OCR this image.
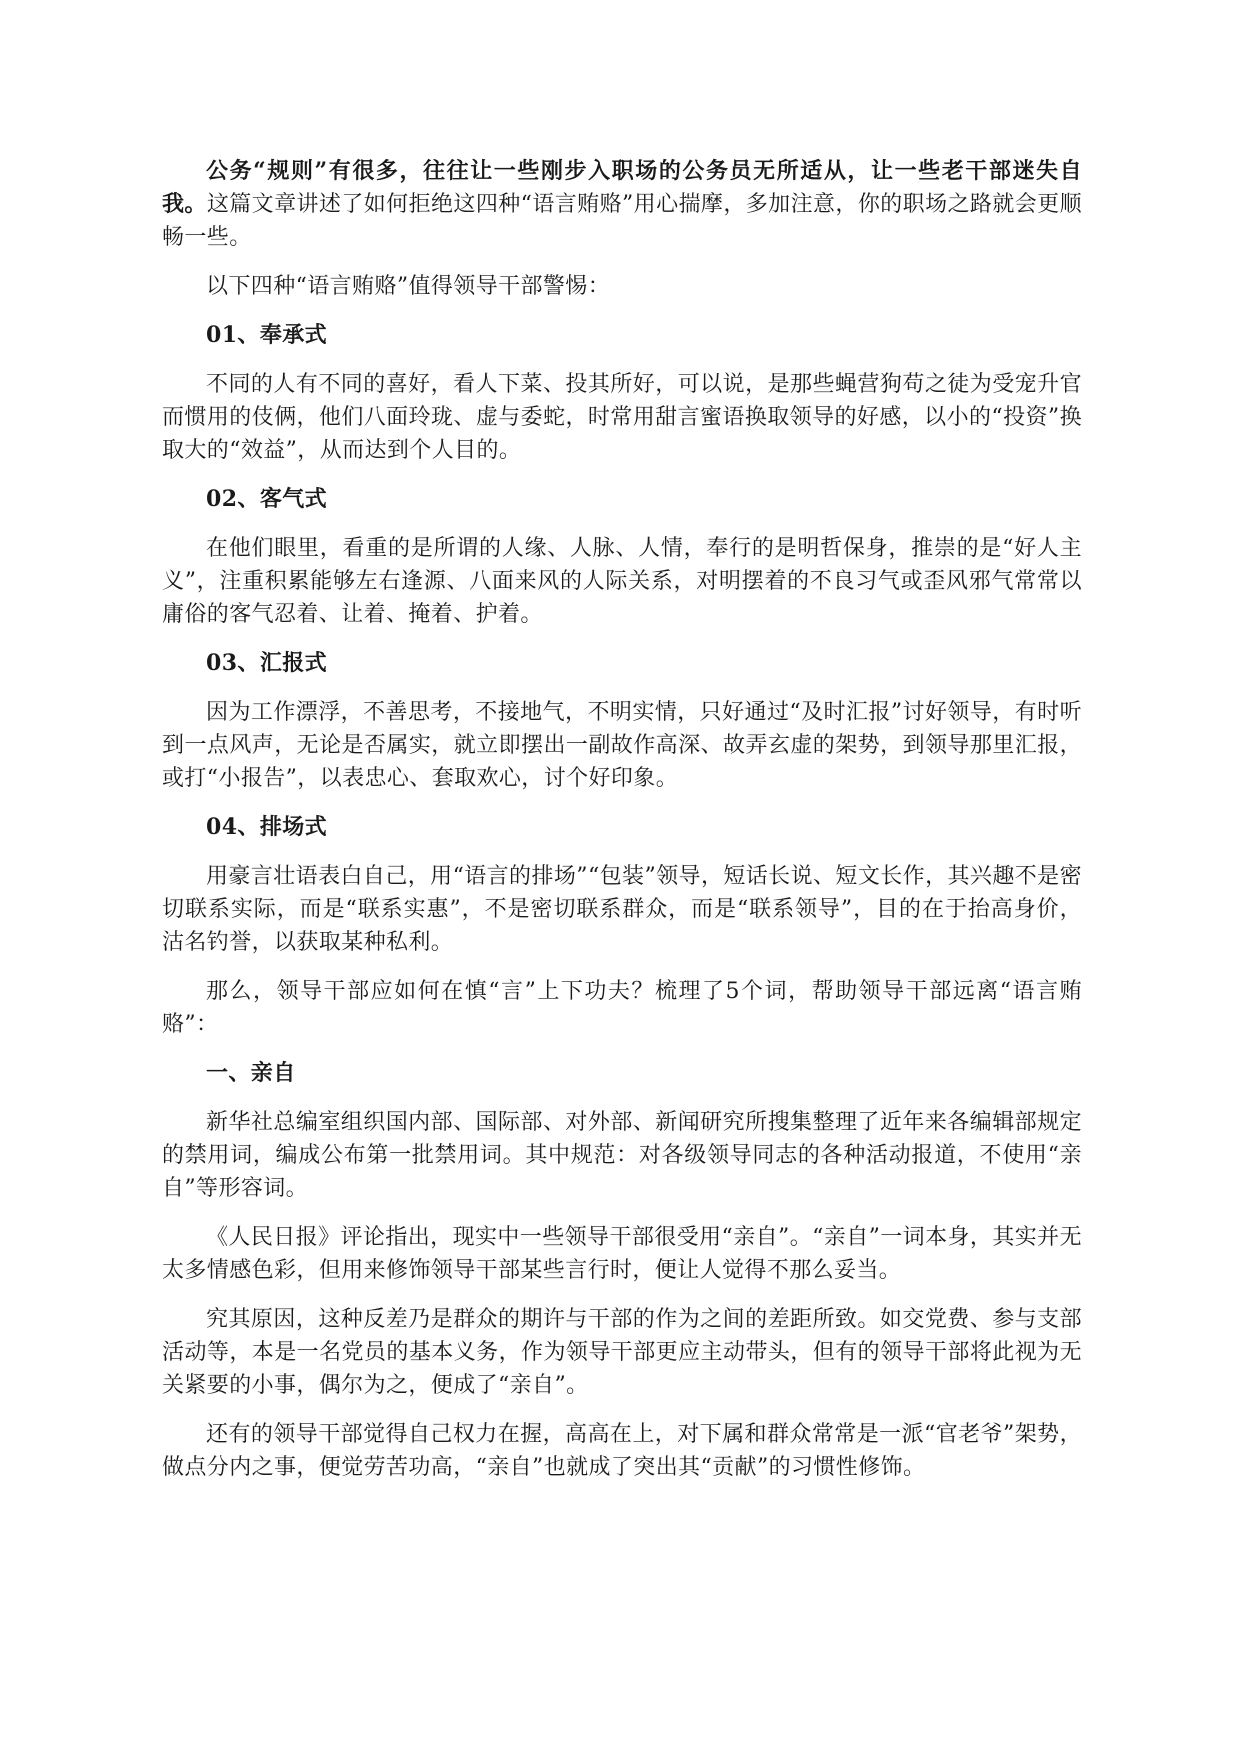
公务“规则”有很多，往往让一些刚步入职场的公务员无所适从，让一些老干部迷失自我。这篇文章讲述了如何拒绝这四种“语言贿赂”用心揣摩，多加注意，你的职场之路就会更顺畅一些。

以下四种“语言贿赂”值得领导干部警惕：

01、奉承式

不同的人有不同的喜好，看人下菜、投其所好，可以说，是那些蝇营狗苟之徒为受宠升官而惯用的伎俩，他们八面玲珑、虚与委蛇，时常用甜言蜜语换取领导的好感，以小的“投资”换取大的“效益”，从而达到个人目的。

02、客气式

在他们眼里，看重的是所谓的人缘、人脉、人情，奉行的是明哲保身，推崇的是“好人主义”，注重积累能够左右逢源、八面来风的人际关系，对明摆着的不良习气或歪风邪气常常以庸俗的客气忍着、让着、掩着、护着。

03、汇报式

因为工作漂浮，不善思考，不接地气，不明实情，只好通过“及时汇报”讨好领导，有时听到一点风声，无论是否属实，就立即摆出一副故作高深、故弄玄虚的架势，到领导那里汇报，或打“小报告”，以表忠心、套取欢心，讨个好印象。

04、排场式

用豪言壮语表白自己，用“语言的排场”“包装”领导，短话长说、短文长作，其兴趣不是密切联系实际，而是“联系实惠”，不是密切联系群众，而是“联系领导”，目的在于抬高身价，沽名钓誉，以获取某种私利。

那么，领导干部应如何在慎“言”上下功夫？梳理了5个词，帮助领导干部远离“语言贿赂”：

一、亲自

新华社总编室组织国内部、国际部、对外部、新闻研究所搜集整理了近年来各编辑部规定的禁用词，编成公布第一批禁用词。其中规范：对各级领导同志的各种活动报道，不使用“亲自”等形容词。

《人民日报》评论指出，现实中一些领导干部很受用“亲自”。“亲自”一词本身，其实并无太多情感色彩，但用来修饰领导干部某些言行时，便让人觉得不那么妥当。

究其原因，这种反差乃是群众的期许与干部的作为之间的差距所致。如交党费、参与支部活动等，本是一名党员的基本义务，作为领导干部更应主动带头，但有的领导干部将此视为无关紧要的小事，偶尔为之，便成了“亲自”。

还有的领导干部觉得自己权力在握，高高在上，对下属和群众常常是一派“官老爷”架势，做点分内之事，便觉劳苦功高，“亲自”也就成了突出其“贡献”的习惯性修饰。
